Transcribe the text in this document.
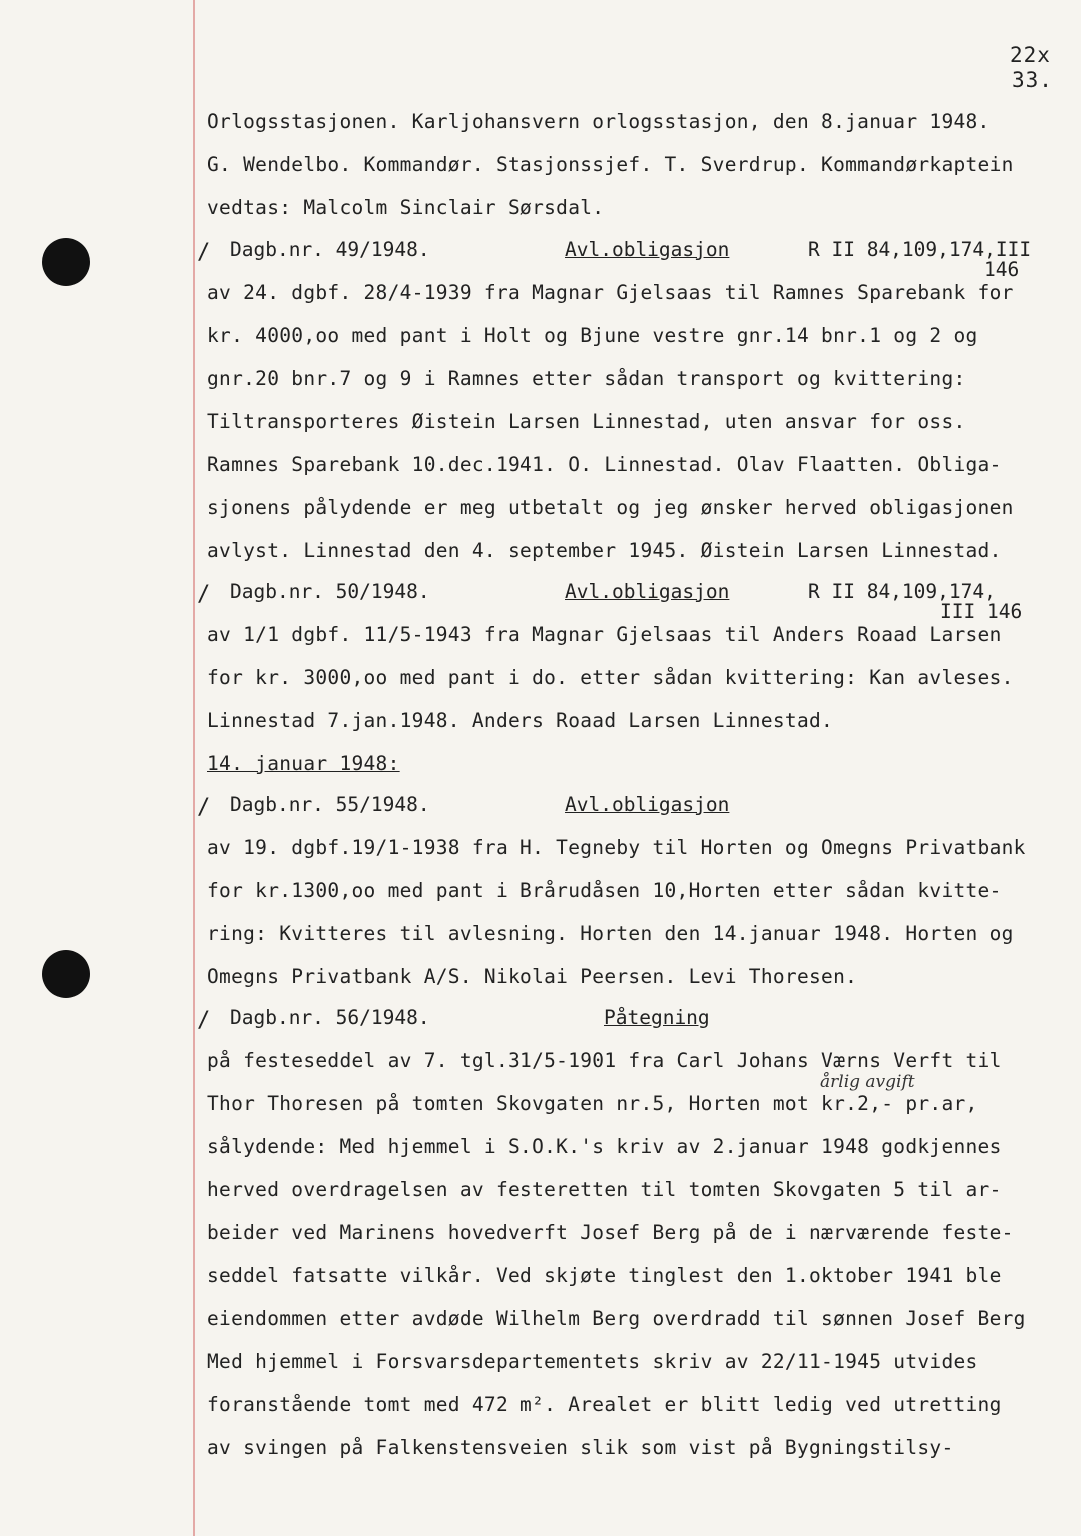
22x
33.
Orlogsstasjonen. Karljohansvern orlogsstasjon, den 8.januar 1948.
G. Wendelbo. Kommandør. Stasjonssjef. T. Sverdrup. Kommandørkaptein
vedtas: Malcolm Sinclair Sørsdal.
/ Dagb.nr. 49/1948.	Avl.obligasjon	R II 84,109,174,III
146
av 24. dgbf. 28/4-1939 fra Magnar Gjelsaas til Ramnes Sparebank for
kr. 4000,oo med pant i Holt og Bjune vestre gnr.14 bnr.1 og 2 og
gnr.20 bnr.7 og 9 i Ramnes etter sådan transport og kvittering:
Tiltransporteres Øistein Larsen Linnestad, uten ansvar for oss.
Ramnes Sparebank 10.dec.1941. O. Linnestad. Olav Flaatten. Obliga-
sjonens pålydende er meg utbetalt og jeg ønsker herved obligasjonen
avlyst. Linnestad den 4. september 1945. Øistein Larsen Linnestad.
/ Dagb.nr. 50/1948.	Avl.obligasjon	R II 84,109,174,
III 146
av 1/1 dgbf. 11/5-1943 fra Magnar Gjelsaas til Anders Roaad Larsen
for kr. 3000,oo med pant i do. etter sådan kvittering: Kan avleses.
Linnestad 7.jan.1948. Anders Roaad Larsen Linnestad.
14. januar 1948:
/ Dagb.nr. 55/1948.	Avl.obligasjon
av 19. dgbf.19/1-1938 fra H. Tegneby til Horten og Omegns Privatbank
for kr.1300,oo med pant i Brårudåsen 10,Horten etter sådan kvitte-
ring: Kvitteres til avlesning. Horten den 14.januar 1948. Horten og
Omegns Privatbank A/S. Nikolai Peersen. Levi Thoresen.
/ Dagb.nr. 56/1948.	Påtegning
på festeseddel av 7. tgl.31/5-1901 fra Carl Johans Værns Verft til
årlig avgift
Thor Thoresen på tomten Skovgaten nr.5, Horten mot kr.2,- pr.ar,
sålydende: Med hjemmel i S.O.K.'s kriv av 2.januar 1948 godkjennes
herved overdragelsen av festeretten til tomten Skovgaten 5 til ar-
beider ved Marinens hovedverft Josef Berg på de i nærværende feste-
seddel fatsatte vilkår. Ved skjøte tinglest den 1.oktober 1941 ble
eiendommen etter avdøde Wilhelm Berg overdradd til sønnen Josef Berg
Med hjemmel i Forsvarsdepartementets skriv av 22/11-1945 utvides
foranstående tomt med 472 m². Arealet er blitt ledig ved utretting
av svingen på Falkenstensveien slik som vist på Bygningstilsy-
